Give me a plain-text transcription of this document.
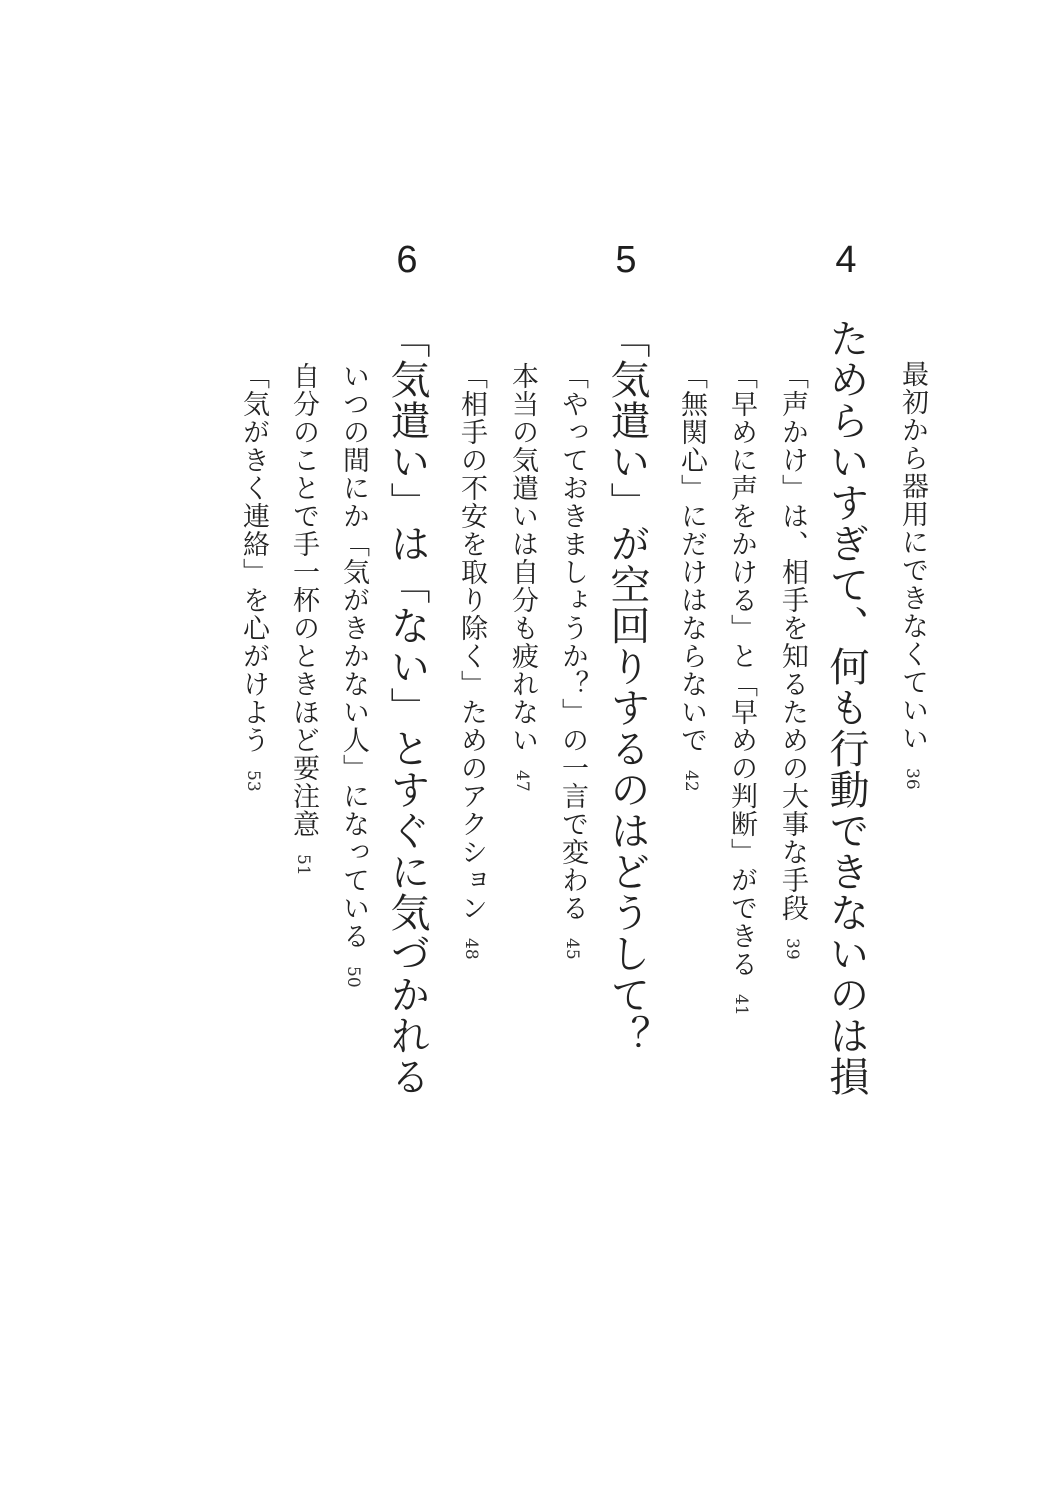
4
ためらいすぎて、何も行動できないのは損 最初から器用にできなくていい36
「声かけ」は、相手を知るための大事な手段39
「早めに声をかける」と「早めの判断」ができる41
「無関心」にだけはならないで42
5
「気遣い」が空回りするのはどうして？
「やっておきましょうか？」の一言で変わる45
本当の気遣いは自分も疲れない47
「相手の不安を取り除く」ためのアクション48
6
「気遣い」は「ない」とすぐに気づかれる
いつの間にか「気がきかない人」になっている50
自分のことで手一杯のときほど要注意51
「気がきく連絡」を心がけよう53
